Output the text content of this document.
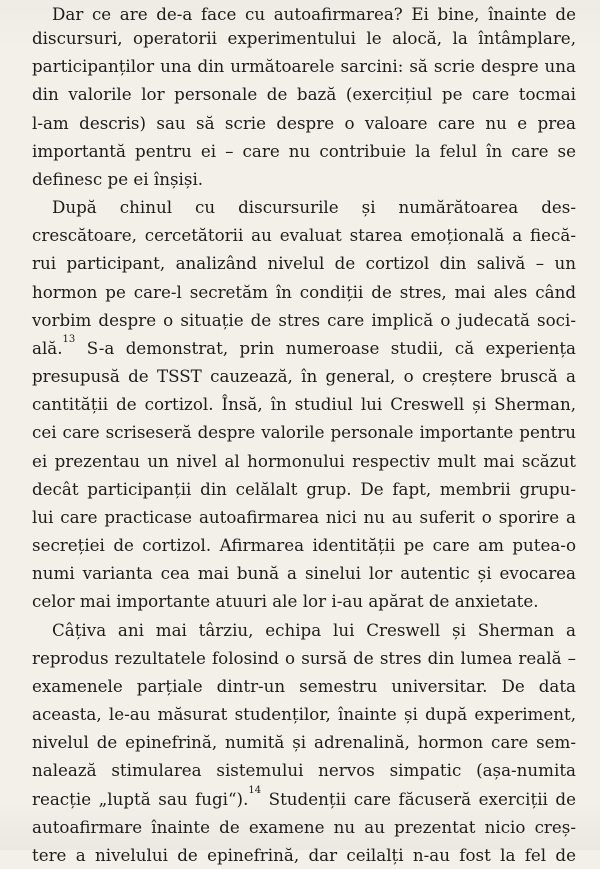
Dar ce are de-a face cu autoafirmarea? Ei bine, înainte de
discursuri, operatorii experimentului le alocă, la întâmplare,
participanților una din următoarele sarcini: să scrie despre una
din valorile lor personale de bază (exercițiul pe care tocmai
l-am descris) sau să scrie despre o valoare care nu e prea
importantă pentru ei – care nu contribuie la felul în care se
definesc pe ei înșiși.
După chinul cu discursurile și numărătoarea des-
crescătoare, cercetătorii au evaluat starea emoțională a fiecă-
rui participant, analizând nivelul de cortizol din salivă – un
hormon pe care-l secretăm în condiții de stres, mai ales când
vorbim despre o situație de stres care implică o judecată soci-
ală.$^{13}$ S-a demonstrat, prin numeroase studii, că experiența
presupusă de TSST cauzează, în general, o creștere bruscă a
cantității de cortizol. Însă, în studiul lui Creswell și Sherman,
cei care scriseseră despre valorile personale importante pentru
ei prezentau un nivel al hormonului respectiv mult mai scăzut
decât participanții din celălalt grup. De fapt, membrii grupu-
lui care practicase autoafirmarea nici nu au suferit o sporire a
secreției de cortizol. Afirmarea identității pe care am putea-o
numi varianta cea mai bună a sinelui lor autentic și evocarea
celor mai importante atuuri ale lor i-au apărat de anxietate.
Câțiva ani mai târziu, echipa lui Creswell și Sherman a
reprodus rezultatele folosind o sursă de stres din lumea reală –
examenele parțiale dintr-un semestru universitar. De data
aceasta, le-au măsurat studenților, înainte și după experiment,
nivelul de epinefrină, numită și adrenalină, hormon care sem-
nalează stimularea sistemului nervos simpatic (așa-numita
reacție „luptă sau fugi“).$^{14}$ Studenții care făcuseră exerciții de
autoafirmare înainte de examene nu au prezentat nicio creș-
tere a nivelului de epinefrină, dar ceilalți n-au fost la fel de
